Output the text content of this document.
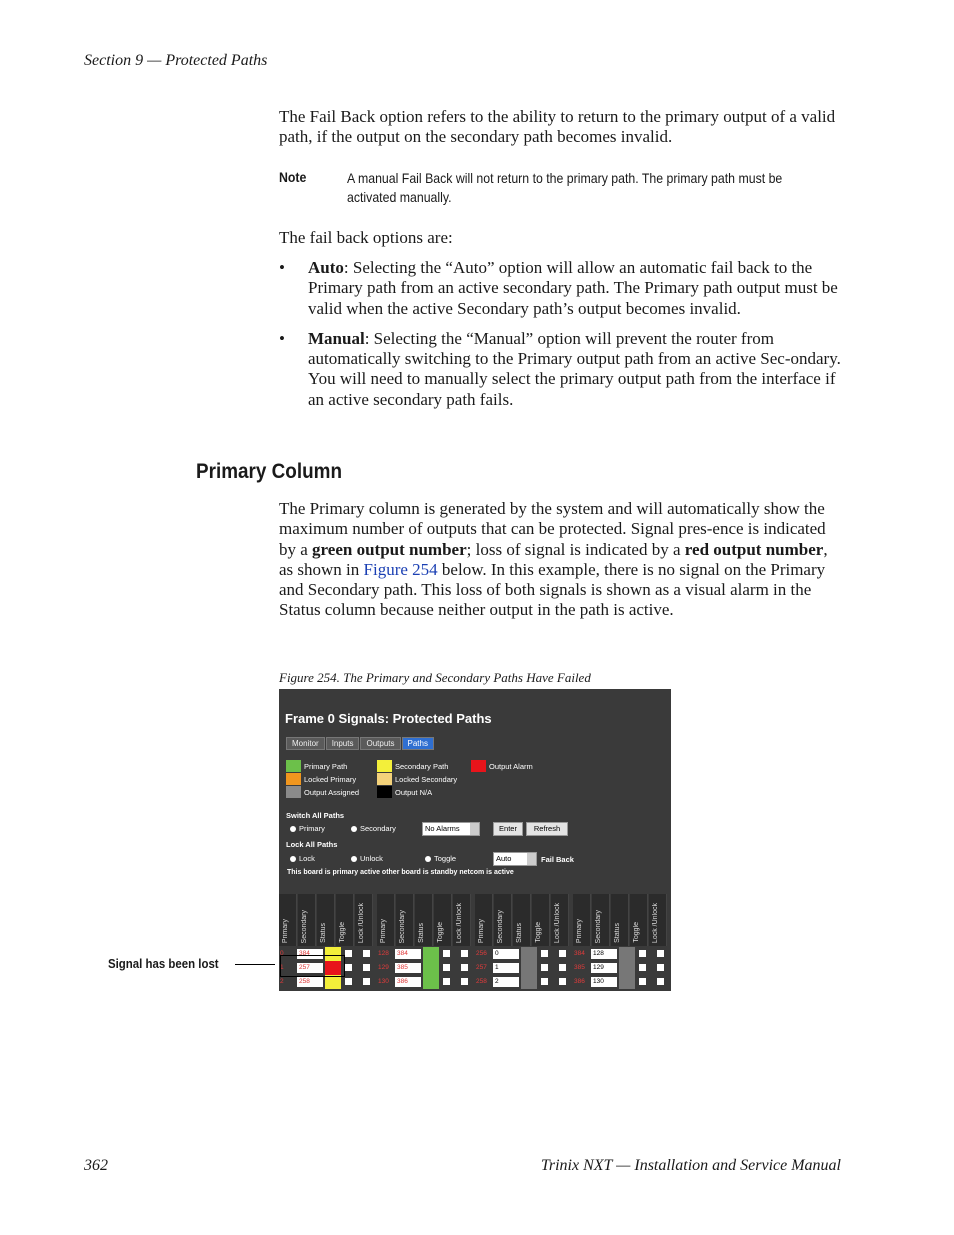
Section 9 — Protected Paths
The Fail Back option refers to the ability to return to the primary output of a valid path, if the output on the secondary path becomes invalid.
Note	A manual Fail Back will not return to the primary path. The primary path must be activated manually.
The fail back options are:
• Auto: Selecting the “Auto” option will allow an automatic fail back to the Primary path from an active secondary path. The Primary path output must be valid when the active Secondary path’s output becomes invalid.
• Manual: Selecting the “Manual” option will prevent the router from automatically switching to the Primary output path from an active Sec-ondary. You will need to manually select the primary output path from the interface if an active secondary path fails.
Primary Column
The Primary column is generated by the system and will automatically show the maximum number of outputs that can be protected. Signal pres-ence is indicated by a green output number; loss of signal is indicated by a red output number, as shown in Figure 254 below. In this example, there is no signal on the Primary and Secondary path. This loss of both signals is shown as a visual alarm in the Status column because neither output in the path is active.
Figure 254. The Primary and Secondary Paths Have Failed
Frame 0 Signals: Protected Paths
Monitor	Inputs	Outputs	Paths
Primary Path	Secondary Path	Output Alarm
Locked Primary	Locked Secondary
Output Assigned	Output N/A
Switch All Paths
Primary	Secondary	No Alarms	Enter	Refresh
Lock All Paths
Lock	Unlock	Toggle	Auto	Fail Back
This board is primary active other board is standby netcom is active
Primary Secondary Status Toggle Lock /Unlock
0	384
1	257
2	258
Primary Secondary Status Toggle Lock /Unlock
128	384
129	385
130	386
Primary Secondary Status Toggle Lock /Unlock
256	0
257	1
258	2
Primary Secondary Status Toggle Lock /Unlock
384	128
385	129
386	130
Signal has been lost
362	Trinix NXT — Installation and Service Manual
